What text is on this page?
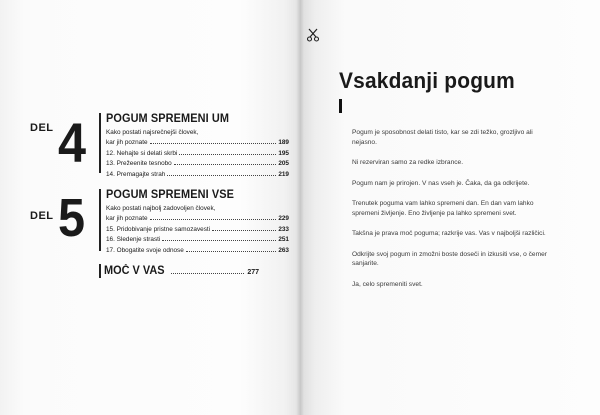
DEL 4 POGUM SPREMENI UM
Kako postati najsrečnejši človek,
kar jih poznate	189
12. Nehajte si delati skrbi	195
13. Prežeenite tesnobo	205
14. Premagajte strah	219
DEL 5 POGUM SPREMENI VSE
Kako postati najbolj zadovoljen človek,
kar jih poznate	229
15. Pridobivanje pristne samozavesti	233
16. Sledenje strasti	251
17. Obogatite svoje odnose	263
MOČ V VAS	277
Vsakdanji pogum

Pogum je sposobnost delati tisto, kar se zdi težko, grozljivo ali nejasno.

Ni rezerviran samo za redke izbrance.

Pogum nam je prirojen. V nas vseh je. Čaka, da ga odkrijete.

Trenutek poguma vam lahko spremeni dan. En dan vam lahko spremeni življenje. Eno življenje pa lahko spremeni svet.

Takšna je prava moč poguma; razkrije vas. Vas v najboljši različici.

Odkrijte svoj pogum in zmožni boste doseči in izkusiti vse, o čemer sanjarite.

Ja, celo spremeniti svet.
